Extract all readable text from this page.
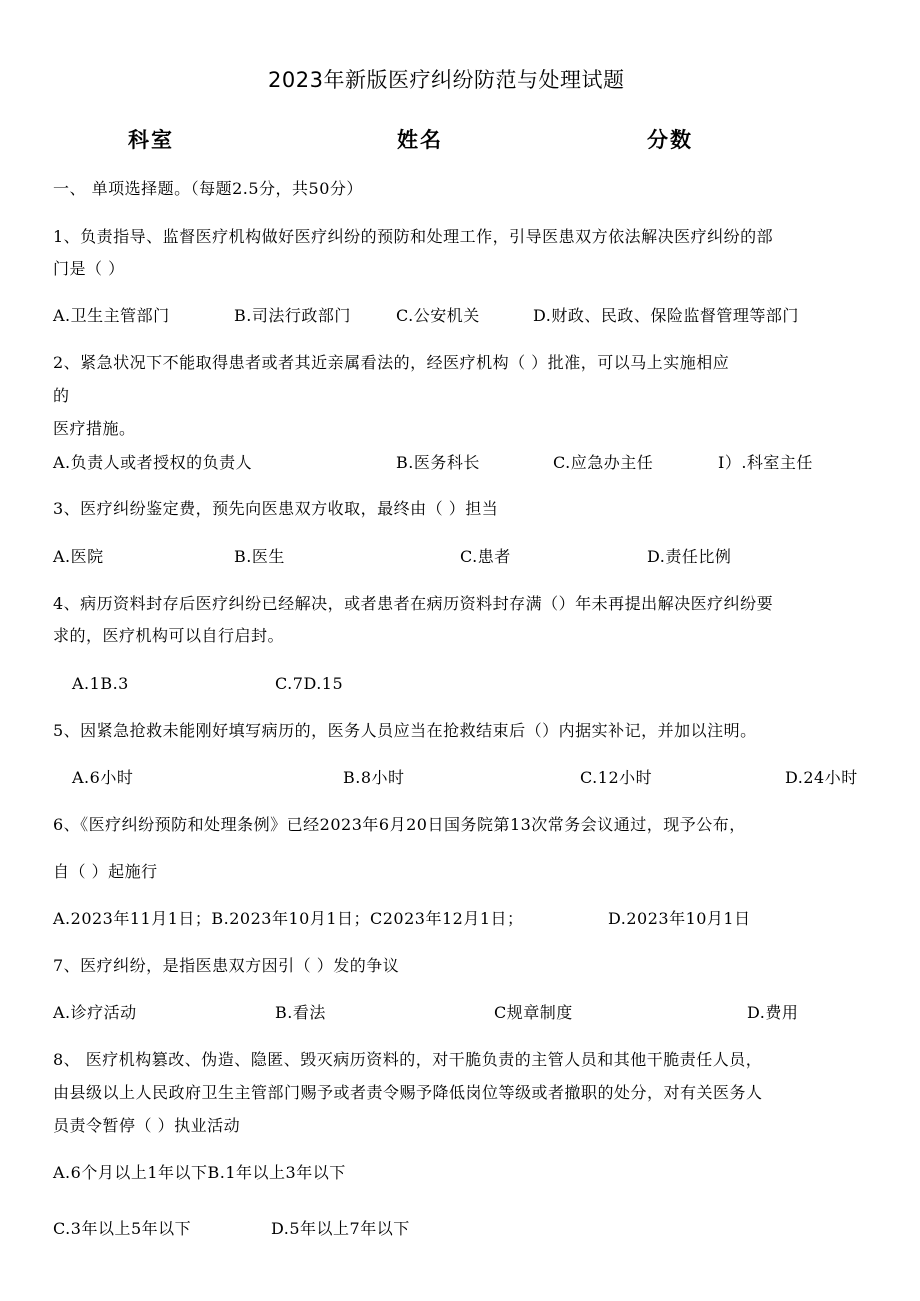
2023年新版医疗纠纷防范与处理试题
科室	姓名	分数
一、 单项选择题。（每题2.5分，共50分）
1、负责指导、监督医疗机构做好医疗纠纷的预防和处理工作，引导医患双方依法解决医疗纠纷的部
门是（ ）
A.卫生主管部门	B.司法行政部门	C.公安机关	D.财政、民政、保险监督管理等部门
2、紧急状况下不能取得患者或者其近亲属看法的，经医疗机构（ ）批准，可以马上实施相应
的
医疗措施。
A.负责人或者授权的负责人	B.医务科长	C.应急办主任	I）.科室主任
3、医疗纠纷鉴定费，预先向医患双方收取，最终由（ ）担当
A.医院	B.医生	C.患者	D.责任比例
4、病历资料封存后医疗纠纷已经解决，或者患者在病历资料封存满（）年未再提出解决医疗纠纷要
求的，医疗机构可以自行启封。
A.1B.3	C.7D.15
5、因紧急抢救未能刚好填写病历的，医务人员应当在抢救结束后（）内据实补记，并加以注明。
A.6小时	B.8小时	C.12小时	D.24小时
6、《医疗纠纷预防和处理条例》已经2023年6月20日国务院第13次常务会议通过，现予公布，
自（ ）起施行
A.2023年11月1日；B.2023年10月1日；C2023年12月1日；	D.2023年10月1日
7、医疗纠纷，是指医患双方因引（ ）发的争议
A.诊疗活动	B.看法	C规章制度	D.费用
8、 医疗机构篡改、伪造、隐匿、毁灭病历资料的，对干脆负责的主管人员和其他干脆责任人员，
由县级以上人民政府卫生主管部门赐予或者责令赐予降低岗位等级或者撤职的处分，对有关医务人
员责令暂停（ ）执业活动
A.6个月以上1年以下B.1年以上3年以下
C.3年以上5年以下	D.5年以上7年以下
